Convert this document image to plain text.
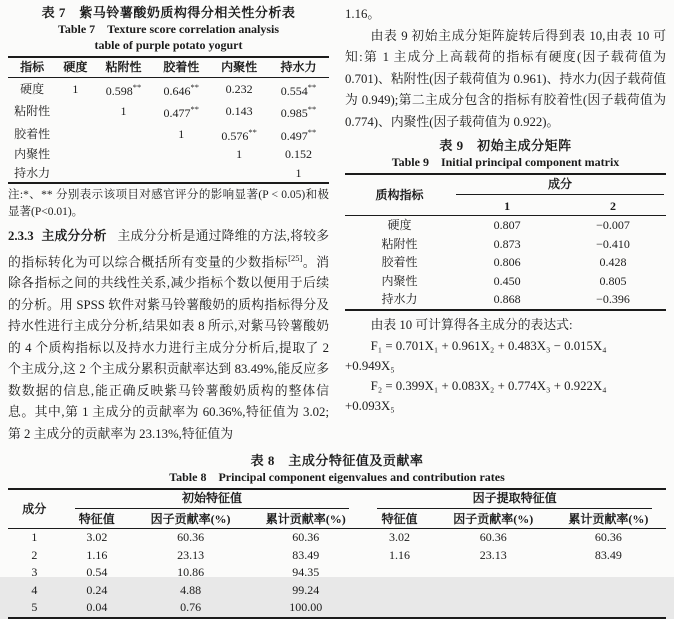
表 7　紫马铃薯酸奶质构得分相关性分析表
Table 7　Texture score correlation analysis
table of purple potato yogurt
指标	硬度	粘附性	胶着性	内聚性	持水力
硬度	1	0.598**	0.646**	0.232	0.554**
粘附性		1	0.477**	0.143	0.985**
胶着性			1	0.576**	0.497**
内聚性				1	0.152
持水力					1
注:*、** 分别表示该项目对感官评分的影响显著(P < 0.05)和极显著(P<0.01)。

2.3.3 主成分分析 主成分分析是通过降维的方法,将较多的指标转化为可以综合概括所有变量的少数指标[25]。消除各指标之间的共线性关系,减少指标个数以便用于后续的分析。用 SPSS 软件对紫马铃薯酸奶的质构指标得分及持水性进行主成分分析,结果如表 8 所示,对紫马铃薯酸奶的 4 个质构指标以及持水力进行主成分分析后,提取了 2 个主成分,这 2 个主成分累积贡献率达到 83.49%,能反应多数数据的信息,能正确反映紫马铃薯酸奶质构的整体信息。其中,第 1 主成分的贡献率为 60.36%,特征值为 3.02;第 2 主成分的贡献率为 23.13%,特征值为

1.16。

由表 9 初始主成分矩阵旋转后得到表 10,由表 10 可知:第 1 主成分上高载荷的指标有硬度(因子载荷值为 0.701)、粘附性(因子载荷值为 0.961)、持水力(因子载荷值为 0.949);第二主成分包含的指标有胶着性(因子载荷值为 0.774)、内聚性(因子载荷值为 0.922)。

表 9　初始主成分矩阵
Table 9　Initial principal component matrix
质构指标	成分	

	1	2
硬度	0.807	−0.007
粘附性	0.873	−0.410
胶着性	0.806	0.428
内聚性	0.450	0.805
持水力	0.868	−0.396

由表 10 可计算得各主成分的表达式:

F₁ = 0.701X₁ + 0.961X₂ + 0.483X₃ − 0.015X₄
+0.949X₅
F₂ = 0.399X₁ + 0.083X₂ + 0.774X₃ + 0.922X₄
+0.093X₅
表 8　主成分特征值及贡献率
Table 8　Principal component eigenvalues and contribution rates
成分	初始特征值			因子提取特征值		

	特征值	因子贡献率(%)	累计贡献率(%)	特征值	因子贡献率(%)	累计贡献率(%)
1	3.02	60.36	60.36	3.02	60.36	60.36
2	1.16	23.13	83.49	1.16	23.13	83.49
3	0.54	10.86	94.35			
4	0.24	4.88	99.24			
5	0.04	0.76	100.00			
